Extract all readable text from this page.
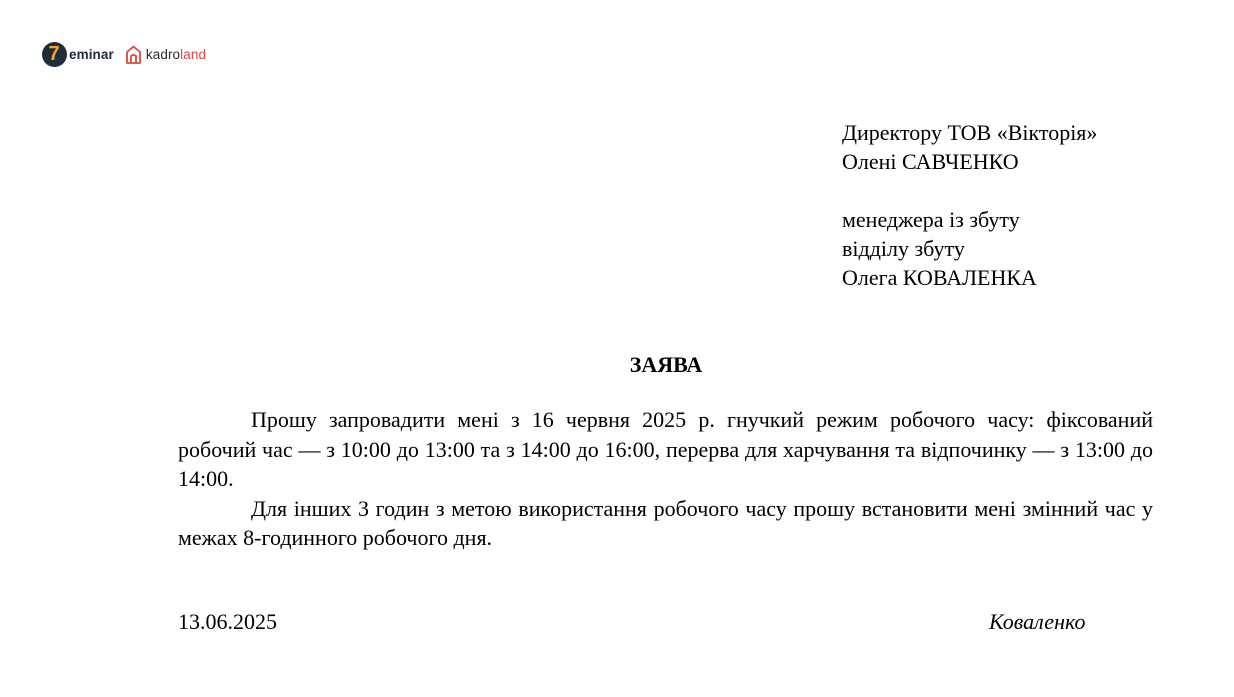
7 eminar kadroland
Директору ТОВ «Вікторія»
Олені САВЧЕНКО
менеджера із збуту
відділу збуту
Олега КОВАЛЕНКА
ЗАЯВА

Прошу запровадити мені з 16 червня 2025 р. гнучкий режим робочого часу: фіксований робочий час — з 10:00 до 13:00 та з 14:00 до 16:00, перерва для харчування та відпочинку — з 13:00 до 14:00.

Для інших 3 годин з метою використання робочого часу прошу встановити мені змінний час у межах 8-годинного робочого дня.

13.06.2025	Коваленко
